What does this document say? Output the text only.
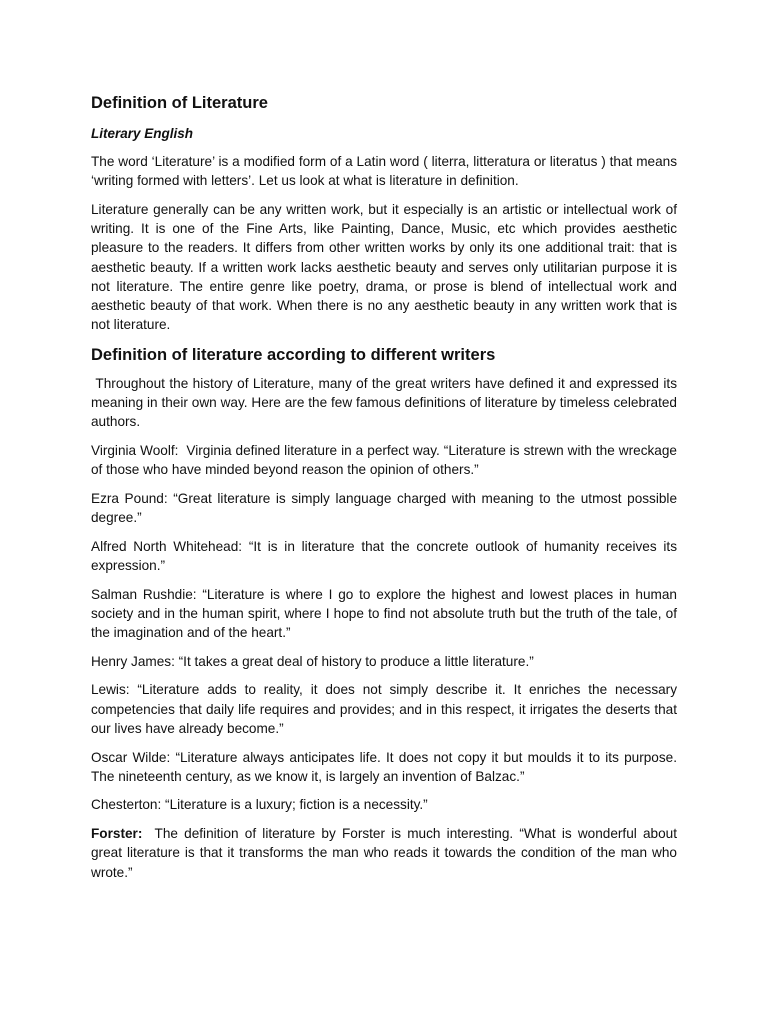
Definition of Literature
Literary English

The word ‘Literature’ is a modified form of a Latin word ( literra, litteratura or literatus ) that means ‘writing formed with letters’. Let us look at what is literature in definition.

Literature generally can be any written work, but it especially is an artistic or intellectual work of writing. It is one of the Fine Arts, like Painting, Dance, Music, etc which provides aesthetic pleasure to the readers. It differs from other written works by only its one additional trait: that is aesthetic beauty. If a written work lacks aesthetic beauty and serves only utilitarian purpose it is not literature. The entire genre like poetry, drama, or prose is blend of intellectual work and aesthetic beauty of that work. When there is no any aesthetic beauty in any written work that is not literature.

Definition of literature according to different writers

Throughout the history of Literature, many of the great writers have defined it and expressed its meaning in their own way. Here are the few famous definitions of literature by timeless celebrated authors.

Virginia Woolf:  Virginia defined literature in a perfect way. “Literature is strewn with the wreckage of those who have minded beyond reason the opinion of others.”

Ezra Pound: “Great literature is simply language charged with meaning to the utmost possible degree.”

Alfred North Whitehead: “It is in literature that the concrete outlook of humanity receives its expression.”

Salman Rushdie: “Literature is where I go to explore the highest and lowest places in human society and in the human spirit, where I hope to find not absolute truth but the truth of the tale, of the imagination and of the heart.”

Henry James: “It takes a great deal of history to produce a little literature.”

Lewis: “Literature adds to reality, it does not simply describe it. It enriches the necessary competencies that daily life requires and provides; and in this respect, it irrigates the deserts that our lives have already become.”

Oscar Wilde: “Literature always anticipates life. It does not copy it but moulds it to its purpose. The nineteenth century, as we know it, is largely an invention of Balzac.”

Chesterton: “Literature is a luxury; fiction is a necessity.”

Forster:  The definition of literature by Forster is much interesting. “What is wonderful about great literature is that it transforms the man who reads it towards the condition of the man who wrote.”
